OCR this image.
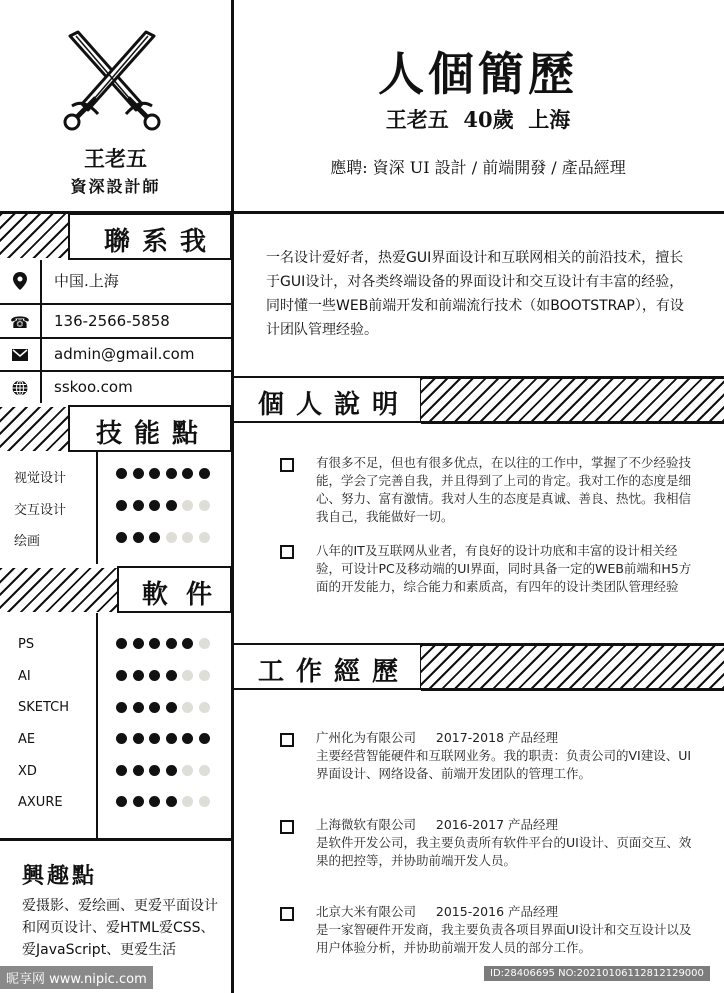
王老五
資深設計師
聯系我
中国.上海
☎ 136-2566-5858
admin@gmail.com
sskoo.com
技能點
视觉设计
交互设计
绘画
軟件
PS
AI
SKETCH
AE
XD
AXURE
興趣點
爱摄影、爱绘画、更爱平面设计和网页设计、爱HTML爱CSS、爱JavaScript、更爱生活
人個簡歷
王老五  40歲  上海
應聘: 資深 UI 設計 / 前端開發 / 產品經理
一名设计爱好者，热爱GUI界面设计和互联网相关的前沿技术，擅长于GUI设计，对各类终端设备的界面设计和交互设计有丰富的经验，同时懂一些WEB前端开发和前端流行技术（如BOOTSTRAP），有设计团队管理经验。
個人說明
有很多不足，但也有很多优点，在以往的工作中，掌握了不少经验技能，学会了完善自我，并且得到了上司的肯定。我对工作的态度是细心、努力、富有激情。我对人生的态度是真诚、善良、热忱。我相信我自己，我能做好一切。
八年的IT及互联网从业者，有良好的设计功底和丰富的设计相关经验，可设计PC及移动端的UI界面，同时具备一定的WEB前端和H5方面的开发能力，综合能力和素质高，有四年的设计类团队管理经验
工作經歷
广州化为有限公司 2017-2018 产品经理
主要经营智能硬件和互联网业务。我的职责：负责公司的VI建设、UI界面设计、网络设备、前端开发团队的管理工作。
上海微软有限公司 2016-2017 产品经理
是软件开发公司，我主要负责所有软件平台的UI设计、页面交互、效果的把控等，并协助前端开发人员。
北京大米有限公司 2015-2016 产品经理
是一家智硬件开发商，我主要负责各项目界面UI设计和交互设计以及用户体验分析，并协助前端开发人员的部分工作。
昵享网 www.nipic.com	ID:28406695 NO:20210106112812129000
